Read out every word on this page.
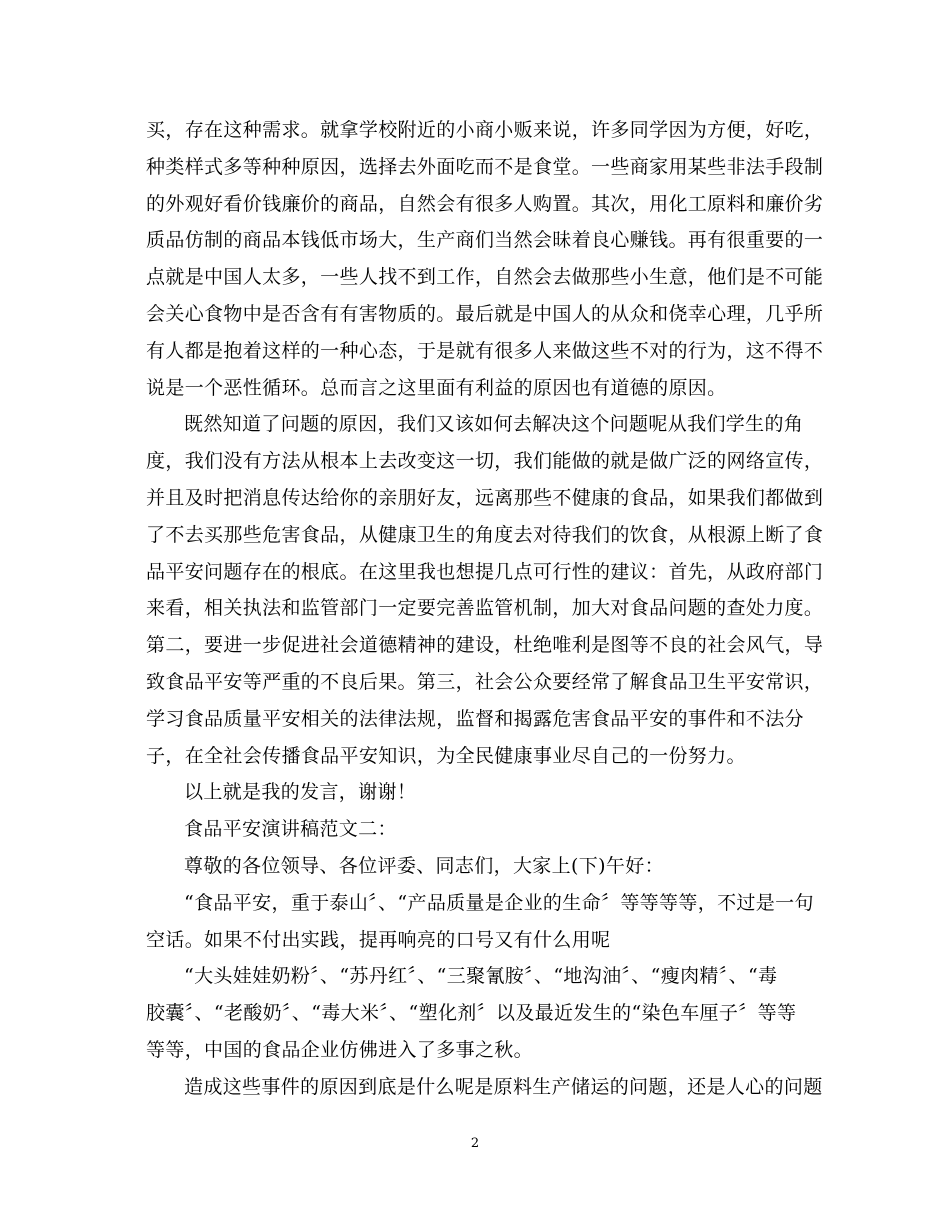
买，存在这种需求。就拿学校附近的小商小贩来说，许多同学因为方便，好吃，
种类样式多等种种原因，选择去外面吃而不是食堂。一些商家用某些非法手段制
的外观好看价钱廉价的商品，自然会有很多人购置。其次，用化工原料和廉价劣
质品仿制的商品本钱低市场大，生产商们当然会昧着良心赚钱。再有很重要的一
点就是中国人太多，一些人找不到工作，自然会去做那些小生意，他们是不可能
会关心食物中是否含有有害物质的。最后就是中国人的从众和侥幸心理，几乎所
有人都是抱着这样的一种心态，于是就有很多人来做这些不对的行为，这不得不
说是一个恶性循环。总而言之这里面有利益的原因也有道德的原因。
既然知道了问题的原因，我们又该如何去解决这个问题呢从我们学生的角
度，我们没有方法从根本上去改变这一切，我们能做的就是做广泛的网络宣传，
并且及时把消息传达给你的亲朋好友，远离那些不健康的食品，如果我们都做到
了不去买那些危害食品，从健康卫生的角度去对待我们的饮食，从根源上断了食
品平安问题存在的根底。在这里我也想提几点可行性的建议：首先，从政府部门
来看，相关执法和监管部门一定要完善监管机制，加大对食品问题的查处力度。
第二，要进一步促进社会道德精神的建设，杜绝唯利是图等不良的社会风气，导
致食品平安等严重的不良后果。第三，社会公众要经常了解食品卫生平安常识，
学习食品质量平安相关的法律法规，监督和揭露危害食品平安的事件和不法分
子，在全社会传播食品平安知识，为全民健康事业尽自己的一份努力。
以上就是我的发言，谢谢！
食品平安演讲稿范文二：
尊敬的各位领导、各位评委、同志们，大家上(下)午好：
“食品平安，重于泰山〞、“产品质量是企业的生命〞等等等等，不过是一句
空话。如果不付出实践，提再响亮的口号又有什么用呢
“大头娃娃奶粉〞、“苏丹红〞、“三聚氰胺〞、“地沟油〞、“瘦肉精〞、“毒
胶囊〞、“老酸奶〞、“毒大米〞、“塑化剂〞以及最近发生的“染色车厘子〞等等
等等，中国的食品企业仿佛进入了多事之秋。
造成这些事件的原因到底是什么呢是原料生产储运的问题，还是人心的问题
2
